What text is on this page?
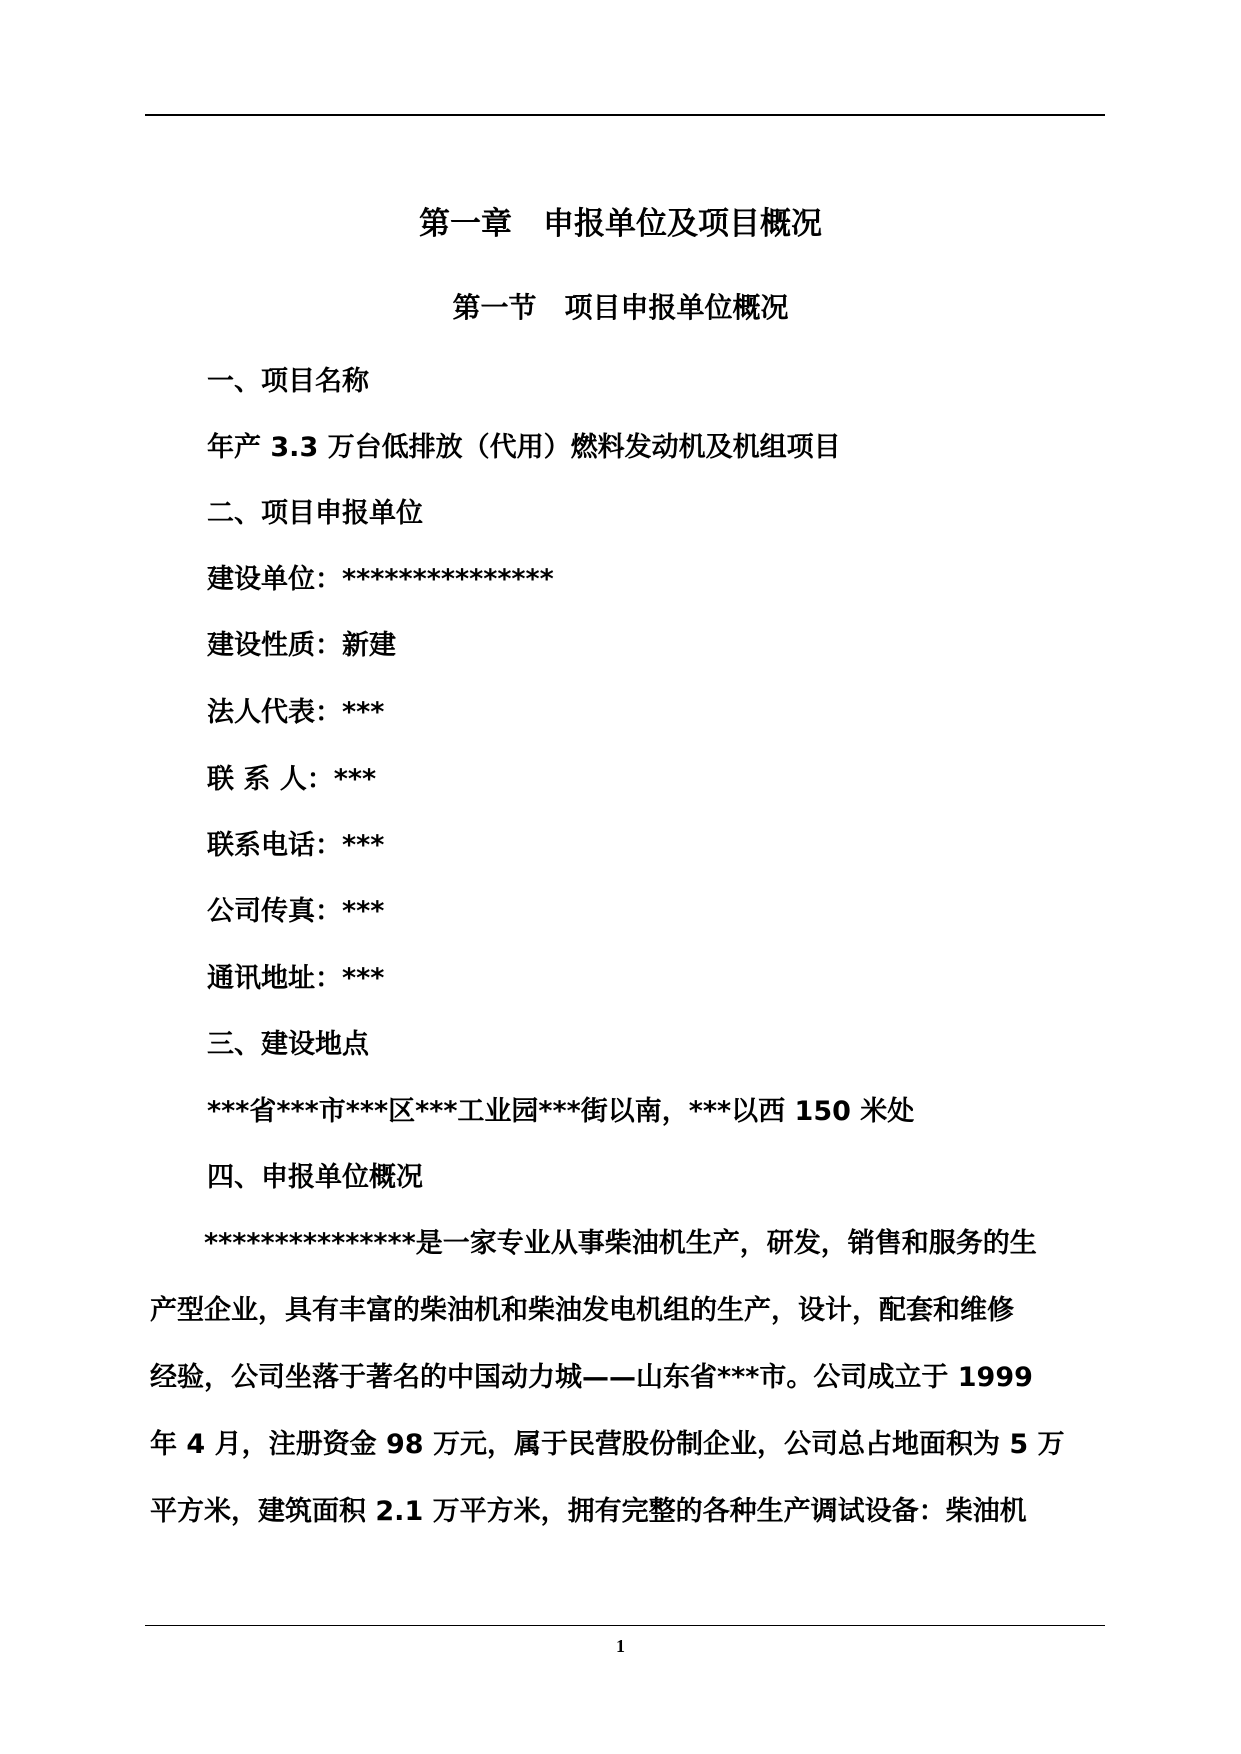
第一章　申报单位及项目概况
第一节　项目申报单位概况
一、项目名称
年产 3.3 万台低排放（代用）燃料发动机及机组项目
二、项目申报单位
建设单位：***************
建设性质：新建
法人代表：***
联 系 人：***
联系电话：***
公司传真：***
通讯地址：***
三、建设地点
***省***市***区***工业园***街以南，***以西 150 米处
四、申报单位概况
　　***************是一家专业从事柴油机生产，研发，销售和服务的生
产型企业，具有丰富的柴油机和柴油发电机组的生产，设计，配套和维修
经验，公司坐落于著名的中国动力城——山东省***市。公司成立于 1999
年 4 月，注册资金 98 万元，属于民营股份制企业，公司总占地面积为 5 万
平方米，建筑面积 2.1 万平方米，拥有完整的各种生产调试设备：柴油机
1
